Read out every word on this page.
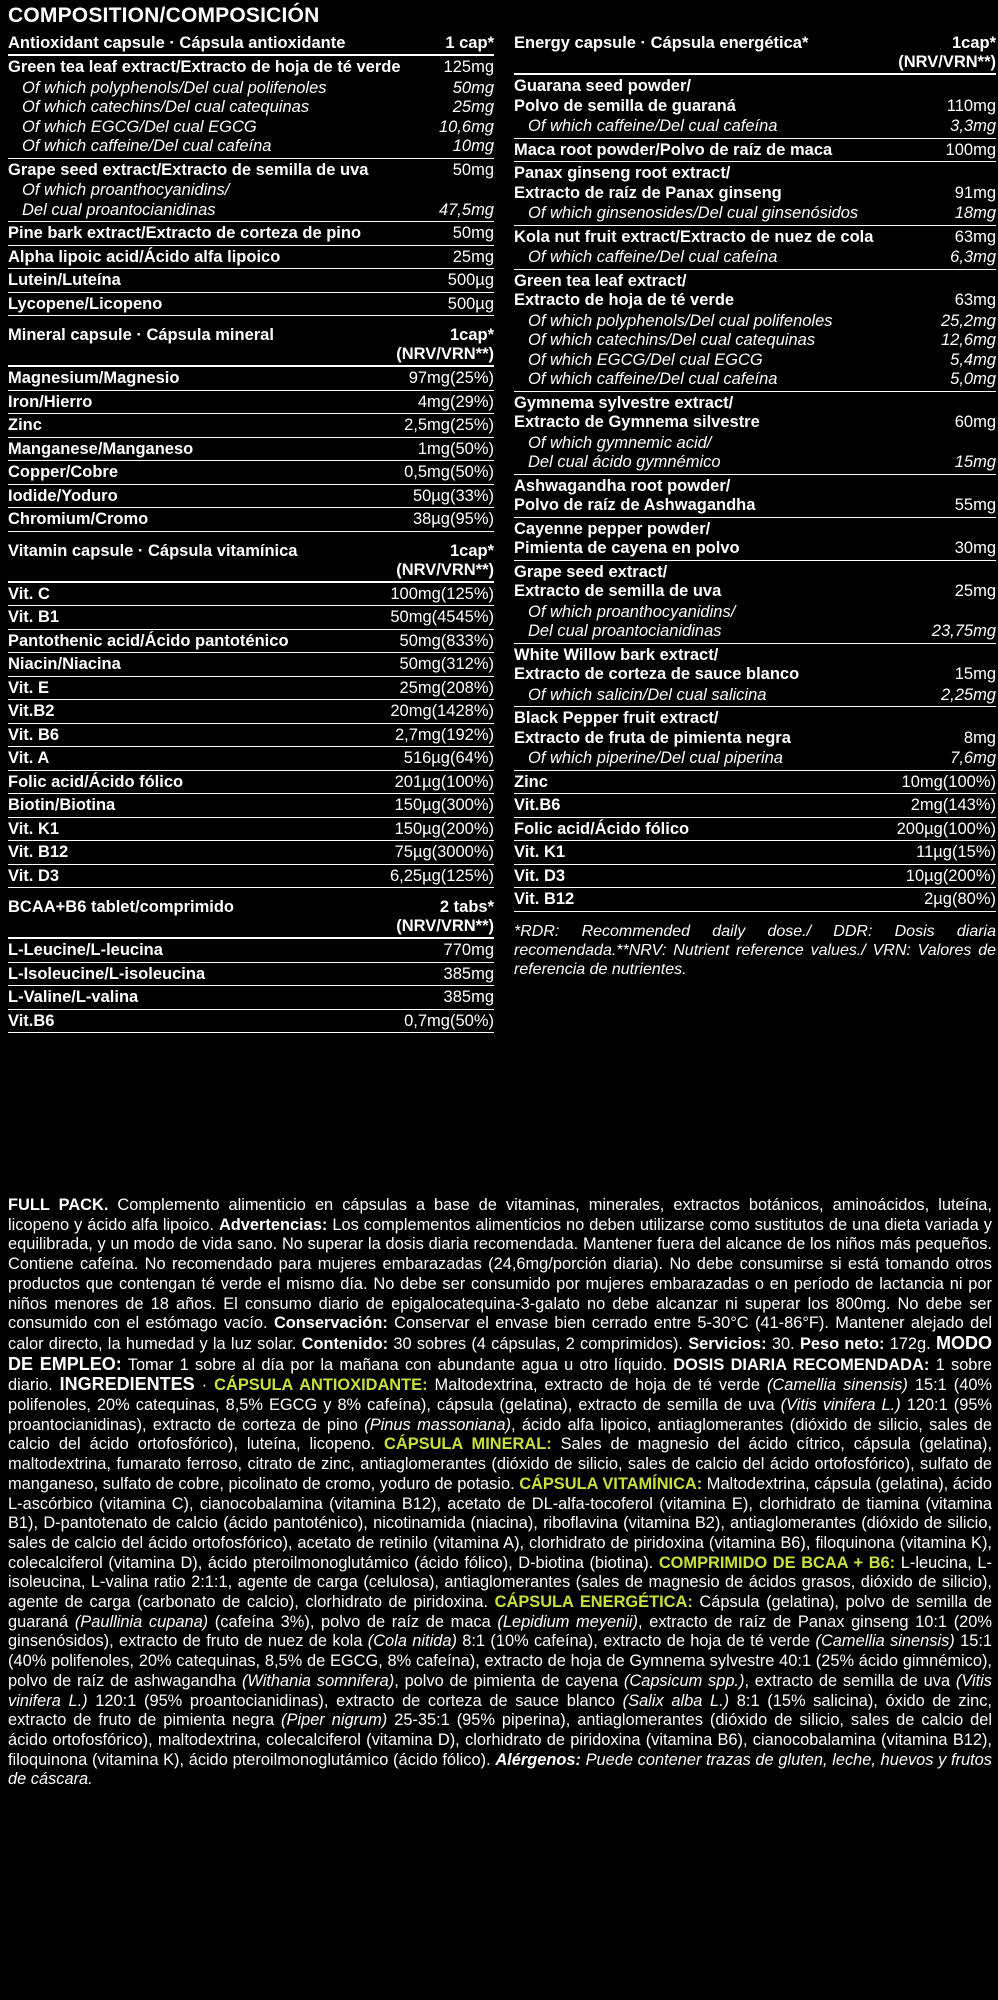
COMPOSITION/COMPOSICIÓN
Antioxidant capsule · Cápsula antioxidante	1 cap*
Green tea leaf extract/Extracto de hoja de té verde	125mg
Of which polyphenols/Del cual polifenoles	50mg
Of which catechins/Del cual catequinas	25mg
Of which EGCG/Del cual EGCG	10,6mg
Of which caffeine/Del cual cafeína	10mg
Grape seed extract/Extracto de semilla de uva	50mg
Of which proanthocyanidins/
Del cual proantocianidinas	47,5mg
Pine bark extract/Extracto de corteza de pino	50mg
Alpha lipoic acid/Ácido alfa lipoico	25mg
Lutein/Luteína	500µg
Lycopene/Licopeno	500µg
Mineral capsule · Cápsula mineral	1cap*
(NRV/VRN**)
Magnesium/Magnesio	97mg(25%)
Iron/Hierro	4mg(29%)
Zinc	2,5mg(25%)
Manganese/Manganeso	1mg(50%)
Copper/Cobre	0,5mg(50%)
Iodide/Yoduro	50µg(33%)
Chromium/Cromo	38µg(95%)
Vitamin capsule · Cápsula vitamínica	1cap*
(NRV/VRN**)
Vit. C	100mg(125%)
Vit. B1	50mg(4545%)
Pantothenic acid/Ácido pantoténico	50mg(833%)
Niacin/Niacina	50mg(312%)
Vit. E	25mg(208%)
Vit.B2	20mg(1428%)
Vit. B6	2,7mg(192%)
Vit. A	516µg(64%)
Folic acid/Ácido fólico	201µg(100%)
Biotin/Biotina	150µg(300%)
Vit. K1	150µg(200%)
Vit. B12	75µg(3000%)
Vit. D3	6,25µg(125%)
BCAA+B6 tablet/comprimido	2 tabs*
(NRV/VRN**)
L-Leucine/L-leucina	770mg
L-Isoleucine/L-isoleucina	385mg
L-Valine/L-valina	385mg
Vit.B6	0,7mg(50%)
Energy capsule · Cápsula energética*	1cap*
(NRV/VRN**)
Guarana seed powder/
Polvo de semilla de guaraná	110mg
Of which caffeine/Del cual cafeína	3,3mg
Maca root powder/Polvo de raíz de maca	100mg
Panax ginseng root extract/
Extracto de raíz de Panax ginseng	91mg
Of which ginsenosides/Del cual ginsenósidos	18mg
Kola nut fruit extract/Extracto de nuez de cola	63mg
Of which caffeine/Del cual cafeína	6,3mg
Green tea leaf extract/
Extracto de hoja de té verde	63mg
Of which polyphenols/Del cual polifenoles	25,2mg
Of which catechins/Del cual catequinas	12,6mg
Of which EGCG/Del cual EGCG	5,4mg
Of which caffeine/Del cual cafeína	5,0mg
Gymnema sylvestre extract/
Extracto de Gymnema silvestre	60mg
Of which gymnemic acid/
Del cual ácido gymnémico	15mg
Ashwagandha root powder/
Polvo de raíz de Ashwagandha	55mg
Cayenne pepper powder/
Pimienta de cayena en polvo	30mg
Grape seed extract/
Extracto de semilla de uva	25mg
Of which proanthocyanidins/
Del cual proantocianidinas	23,75mg
White Willow bark extract/
Extracto de corteza de sauce blanco	15mg
Of which salicin/Del cual salicina	2,25mg
Black Pepper fruit extract/
Extracto de fruta de pimienta negra	8mg
Of which piperine/Del cual piperina	7,6mg
Zinc	10mg(100%)
Vit.B6	2mg(143%)
Folic acid/Ácido fólico	200µg(100%)
Vit. K1	11µg(15%)
Vit. D3	10µg(200%)
Vit. B12	2µg(80%)
*RDR: Recommended daily dose./ DDR: Dosis diaria recomendada.**NRV: Nutrient reference values./ VRN: Valores de referencia de nutrientes.
FULL PACK. Complemento alimenticio en cápsulas a base de vitaminas, minerales, extractos botánicos, aminoácidos, luteína, licopeno y ácido alfa lipoico. Advertencias: Los complementos alimenticios no deben utilizarse como sustitutos de una dieta variada y equilibrada, y un modo de vida sano. No superar la dosis diaria recomendada. Mantener fuera del alcance de los niños más pequeños. Contiene cafeína. No recomendado para mujeres embarazadas (24,6mg/porción diaria). No debe consumirse si está tomando otros productos que contengan té verde el mismo día. No debe ser consumido por mujeres embarazadas o en período de lactancia ni por niños menores de 18 años. El consumo diario de epigalocatequina-3-galato no debe alcanzar ni superar los 800mg. No debe ser consumido con el estómago vacío. Conservación: Conservar el envase bien cerrado entre 5-30°C (41-86°F). Mantener alejado del calor directo, la humedad y la luz solar. Contenido: 30 sobres (4 cápsulas, 2 comprimidos). Servicios: 30. Peso neto: 172g. MODO DE EMPLEO: Tomar 1 sobre al día por la mañana con abundante agua u otro líquido. DOSIS DIARIA RECOMENDADA: 1 sobre diario. INGREDIENTES · CÁPSULA ANTIOXIDANTE: Maltodextrina, extracto de hoja de té verde (Camellia sinensis) 15:1 (40% polifenoles, 20% catequinas, 8,5% EGCG y 8% cafeína), cápsula (gelatina), extracto de semilla de uva (Vitis vinifera L.) 120:1 (95% proantocianidinas), extracto de corteza de pino (Pinus massoniana), ácido alfa lipoico, antiaglomerantes (dióxido de silicio, sales de calcio del ácido ortofosfórico), luteína, licopeno. CÁPSULA MINERAL: Sales de magnesio del ácido cítrico, cápsula (gelatina), maltodextrina, fumarato ferroso, citrato de zinc, antiaglomerantes (dióxido de silicio, sales de calcio del ácido ortofosfórico), sulfato de manganeso, sulfato de cobre, picolinato de cromo, yoduro de potasio. CÁPSULA VITAMÍNICA: Maltodextrina, cápsula (gelatina), ácido L-ascórbico (vitamina C), cianocobalamina (vitamina B12), acetato de DL-alfa-tocoferol (vitamina E), clorhidrato de tiamina (vitamina B1), D-pantotenato de calcio (ácido pantoténico), nicotinamida (niacina), riboflavina (vitamina B2), antiaglomerantes (dióxido de silicio, sales de calcio del ácido ortofosfórico), acetato de retinilo (vitamina A), clorhidrato de piridoxina (vitamina B6), filoquinona (vitamina K), colecalciferol (vitamina D), ácido pteroilmonoglutámico (ácido fólico), D-biotina (biotina). COMPRIMIDO DE BCAA + B6: L-leucina, L-isoleucina, L-valina ratio 2:1:1, agente de carga (celulosa), antiaglomerantes (sales de magnesio de ácidos grasos, dióxido de silicio), agente de carga (carbonato de calcio), clorhidrato de piridoxina. CÁPSULA ENERGÉTICA: Cápsula (gelatina), polvo de semilla de guaraná (Paullinia cupana) (cafeína 3%), polvo de raíz de maca (Lepidium meyenii), extracto de raíz de Panax ginseng 10:1 (20% ginsenósidos), extracto de fruto de nuez de kola (Cola nitida) 8:1 (10% cafeína), extracto de hoja de té verde (Camellia sinensis) 15:1 (40% polifenoles, 20% catequinas, 8,5% de EGCG, 8% cafeína), extracto de hoja de Gymnema sylvestre 40:1 (25% ácido gimnémico), polvo de raíz de ashwagandha (Withania somnifera), polvo de pimienta de cayena (Capsicum spp.), extracto de semilla de uva (Vitis vinifera L.) 120:1 (95% proantocianidinas), extracto de corteza de sauce blanco (Salix alba L.) 8:1 (15% salicina), óxido de zinc, extracto de fruto de pimienta negra (Piper nigrum) 25-35:1 (95% piperina), antiaglomerantes (dióxido de silicio, sales de calcio del ácido ortofosfórico), maltodextrina, colecalciferol (vitamina D), clorhidrato de piridoxina (vitamina B6), cianocobalamina (vitamina B12), filoquinona (vitamina K), ácido pteroilmonoglutámico (ácido fólico). Alérgenos: Puede contener trazas de gluten, leche, huevos y frutos de cáscara.
